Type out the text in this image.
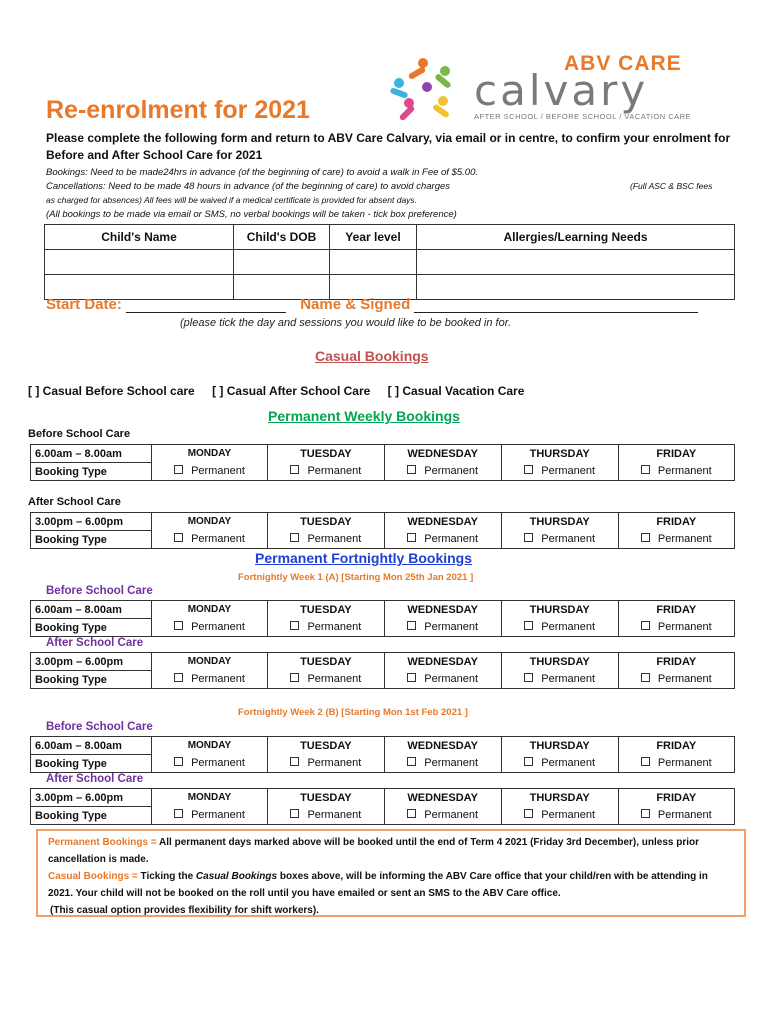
ABV CARE
calvary
AFTER SCHOOL / BEFORE SCHOOL / VACATION CARE
Re-enrolment for 2021
Please complete the following form and return to ABV Care Calvary, via email or in centre, to confirm your enrolment for Before and After School Care for 2021
Bookings: Need to be made24hrs in advance (of the beginning of care) to avoid a walk in Fee of $5.00.
Cancellations: Need to be made 48 hours in advance (of the beginning of care) to avoid charges	(Full ASC & BSC fees
as charged for absences) All fees will be waived if a medical certificate is provided for absent days.
(All bookings to be made via email or SMS, no verbal bookings will be taken - tick box preference)
Child's Name	Child's DOB	Year level	Allergies/Learning Needs

Start Date:	Name & Signed
(please tick the day and sessions you would like to be booked in for.
Casual Bookings
[ ] Casual Before School care [ ] Casual After School Care [ ] Casual Vacation Care
Permanent Weekly Bookings
Before School Care
6.00am – 8.00am	MONDAY	TUESDAY	WEDNESDAY	THURSDAY	FRIDAY
Booking Type	Permanent	Permanent	Permanent	Permanent	Permanent
After School Care
3.00pm – 6.00pm	MONDAY	TUESDAY	WEDNESDAY	THURSDAY	FRIDAY
Booking Type	Permanent	Permanent	Permanent	Permanent	Permanent
Permanent Fortnightly Bookings
Fortnightly Week 1 (A) [Starting Mon 25th Jan 2021 ]
Before School Care
6.00am – 8.00am	MONDAY	TUESDAY	WEDNESDAY	THURSDAY	FRIDAY
Booking Type	Permanent	Permanent	Permanent	Permanent	Permanent
After School Care
3.00pm – 6.00pm	MONDAY	TUESDAY	WEDNESDAY	THURSDAY	FRIDAY
Booking Type	Permanent	Permanent	Permanent	Permanent	Permanent
Fortnightly Week 2 (B) [Starting Mon 1st Feb 2021 ]
Before School Care
6.00am – 8.00am	MONDAY	TUESDAY	WEDNESDAY	THURSDAY	FRIDAY
Booking Type	Permanent	Permanent	Permanent	Permanent	Permanent
After School Care
3.00pm – 6.00pm	MONDAY	TUESDAY	WEDNESDAY	THURSDAY	FRIDAY
Booking Type	Permanent	Permanent	Permanent	Permanent	Permanent
Permanent Bookings = All permanent days marked above will be booked until the end of Term 4 2021 (Friday 3rd December), unless prior cancellation is made.
Casual Bookings = Ticking the Casual Bookings boxes above, will be informing the ABV Care office that your child/ren with be attending in 2021. Your child will not be booked on the roll until you have emailed or sent an SMS to the ABV Care office.
(This casual option provides flexibility for shift workers).
